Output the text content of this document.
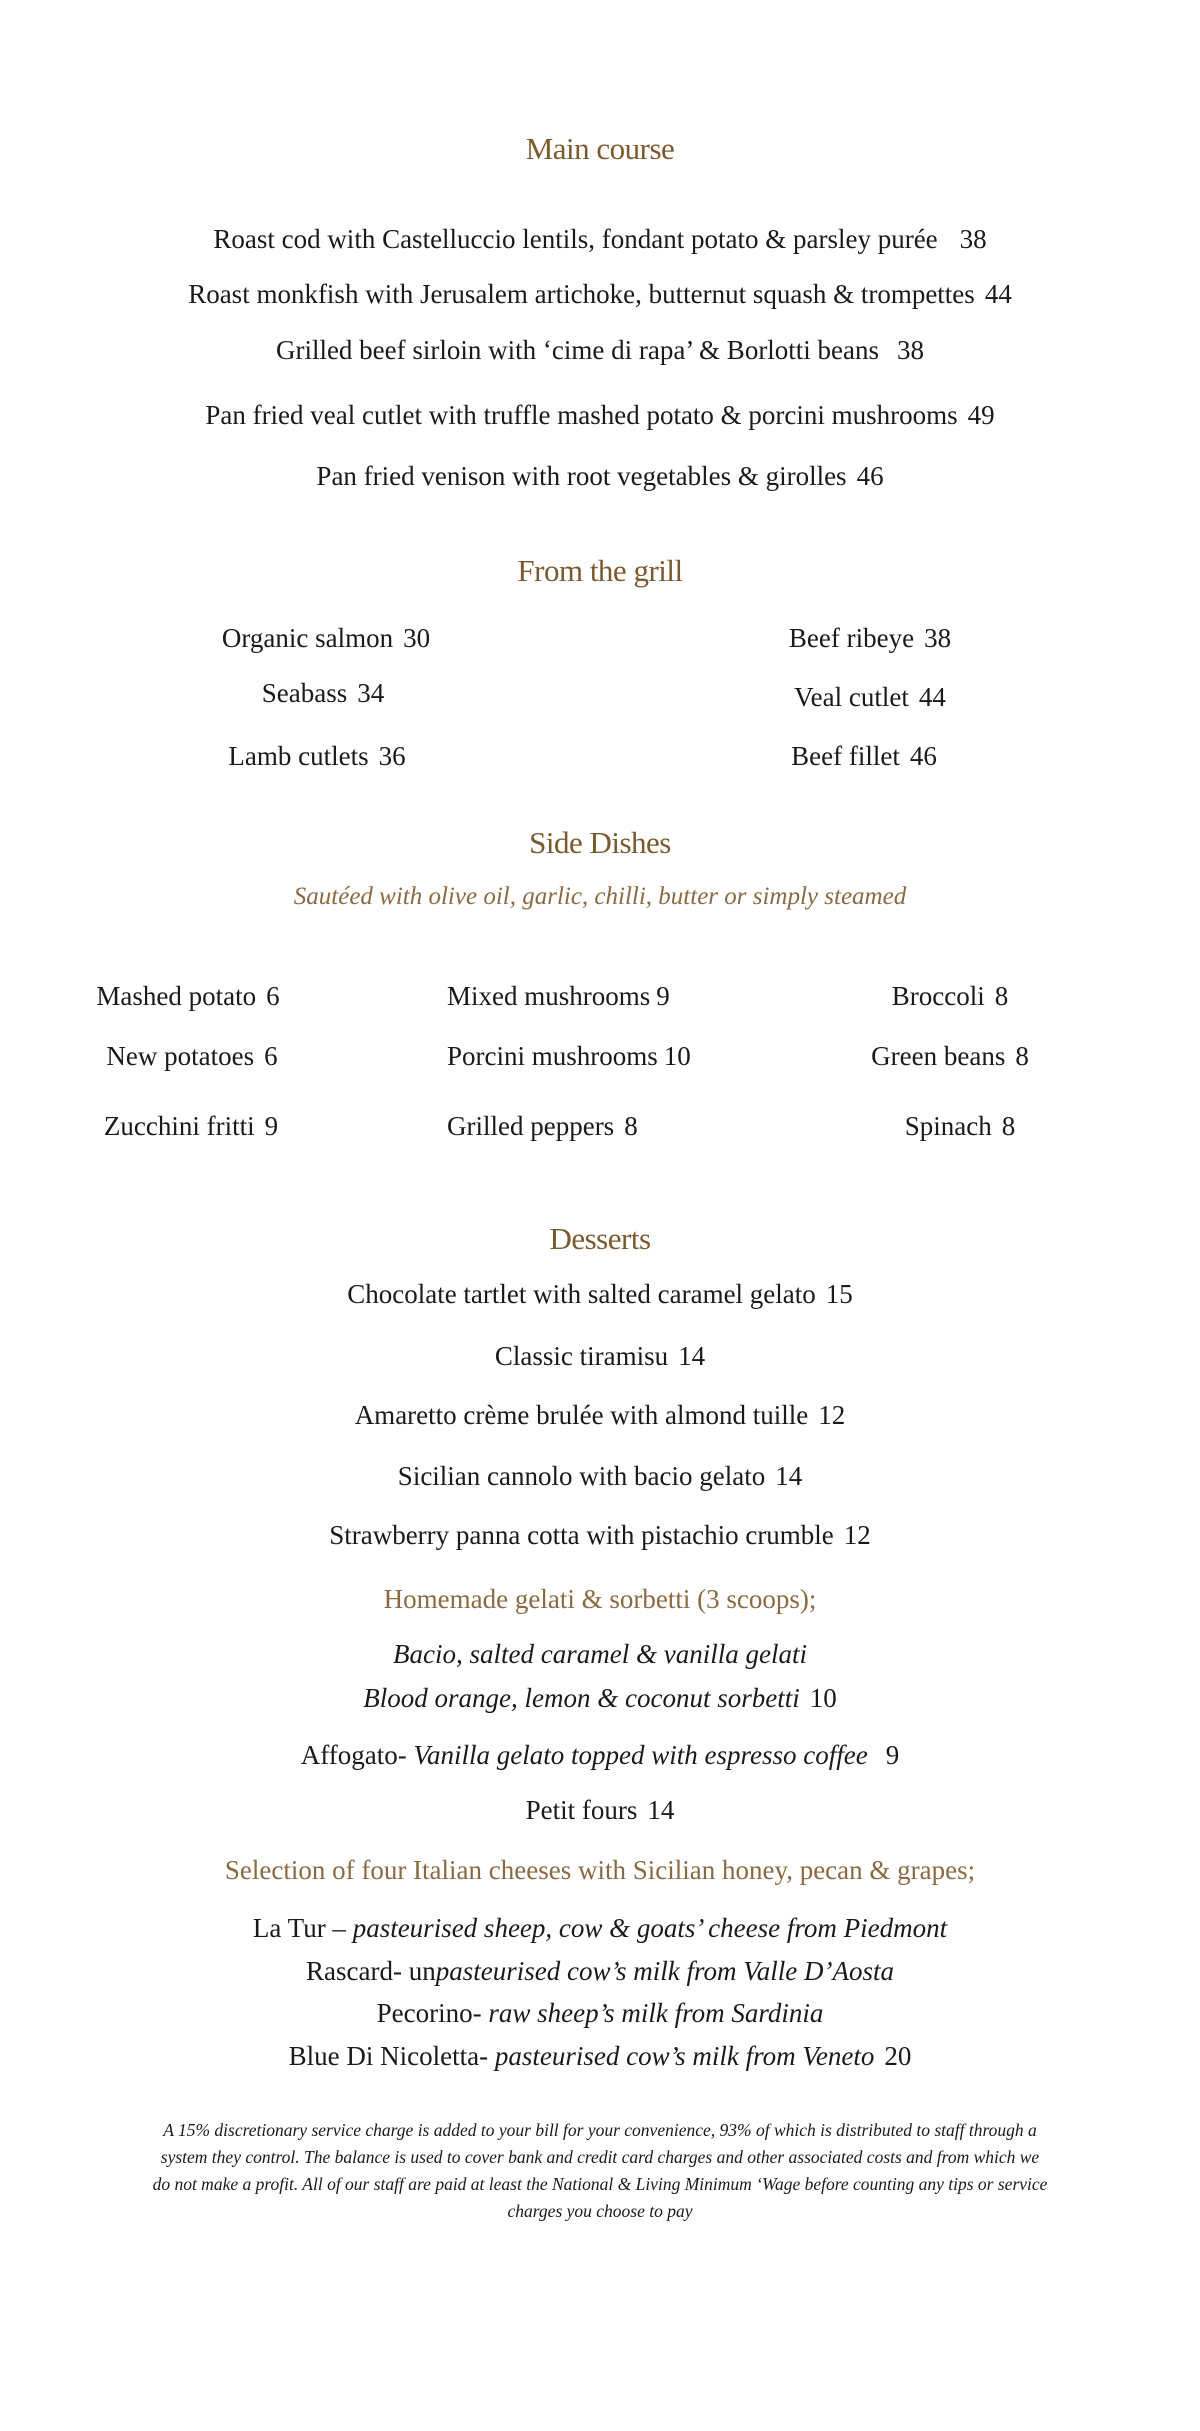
Main course
Roast cod with Castelluccio lentils, fondant potato & parsley purée 38
Roast monkfish with Jerusalem artichoke, butternut squash & trompettes 44
Grilled beef sirloin with ‘cime di rapa’ & Borlotti beans 38
Pan fried veal cutlet with truffle mashed potato & porcini mushrooms 49
Pan fried venison with root vegetables & girolles 46
From the grill
Organic salmon 30
Seabass 34
Lamb cutlets 36
Beef ribeye 38
Veal cutlet 44
Beef fillet 46
Side Dishes
Sautéed with olive oil, garlic, chilli, butter or simply steamed
Mashed potato 6
New potatoes 6
Zucchini fritti 9
Mixed mushrooms 9
Porcini mushrooms 10
Grilled peppers 8
Broccoli 8
Green beans 8
Spinach 8
Desserts
Chocolate tartlet with salted caramel gelato 15
Classic tiramisu 14
Amaretto crème brulée with almond tuille 12
Sicilian cannolo with bacio gelato 14
Strawberry panna cotta with pistachio crumble 12
Homemade gelati & sorbetti (3 scoops);
Bacio, salted caramel & vanilla gelati
Blood orange, lemon & coconut sorbetti 10
Affogato- Vanilla gelato topped with espresso coffee 9
Petit fours 14
Selection of four Italian cheeses with Sicilian honey, pecan & grapes;
La Tur – pasteurised sheep, cow & goats’ cheese from Piedmont
Rascard- unpasteurised cow’s milk from Valle D’Aosta
Pecorino- raw sheep’s milk from Sardinia
Blue Di Nicoletta- pasteurised cow’s milk from Veneto 20
A 15% discretionary service charge is added to your bill for your convenience, 93% of which is distributed to staff through a
system they control. The balance is used to cover bank and credit card charges and other associated costs and from which we
do not make a profit. All of our staff are paid at least the National & Living Minimum ‘Wage before counting any tips or service
charges you choose to pay
